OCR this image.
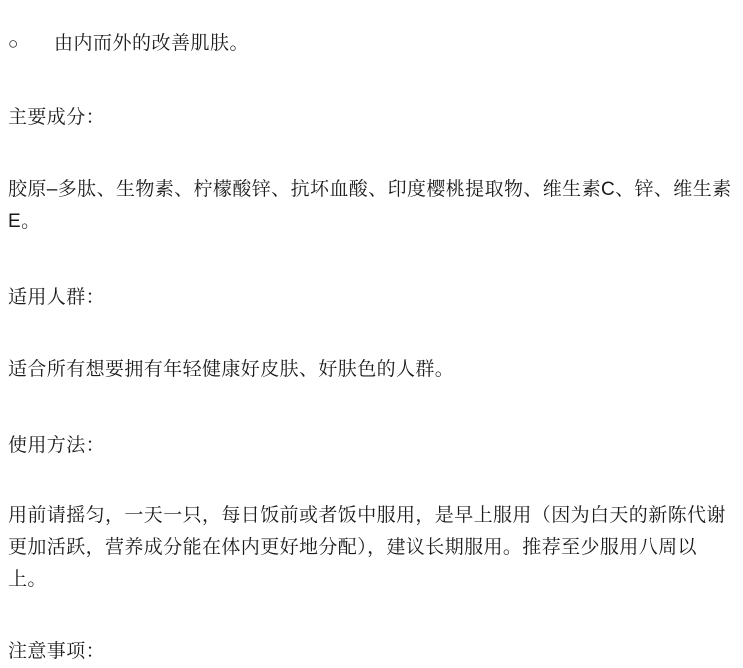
○	由内而外的改善肌肤。

主要成分：

胶原–多肽、生物素、柠檬酸锌、抗坏血酸、印度樱桃提取物、维生素C、锌、维生素E。

适用人群：

适合所有想要拥有年轻健康好皮肤、好肤色的人群。

使用方法：

用前请摇匀，一天一只，每日饭前或者饭中服用，是早上服用（因为白天的新陈代谢更加活跃，营养成分能在体内更好地分配），建议长期服用。推荐至少服用八周以上。

注意事项：
